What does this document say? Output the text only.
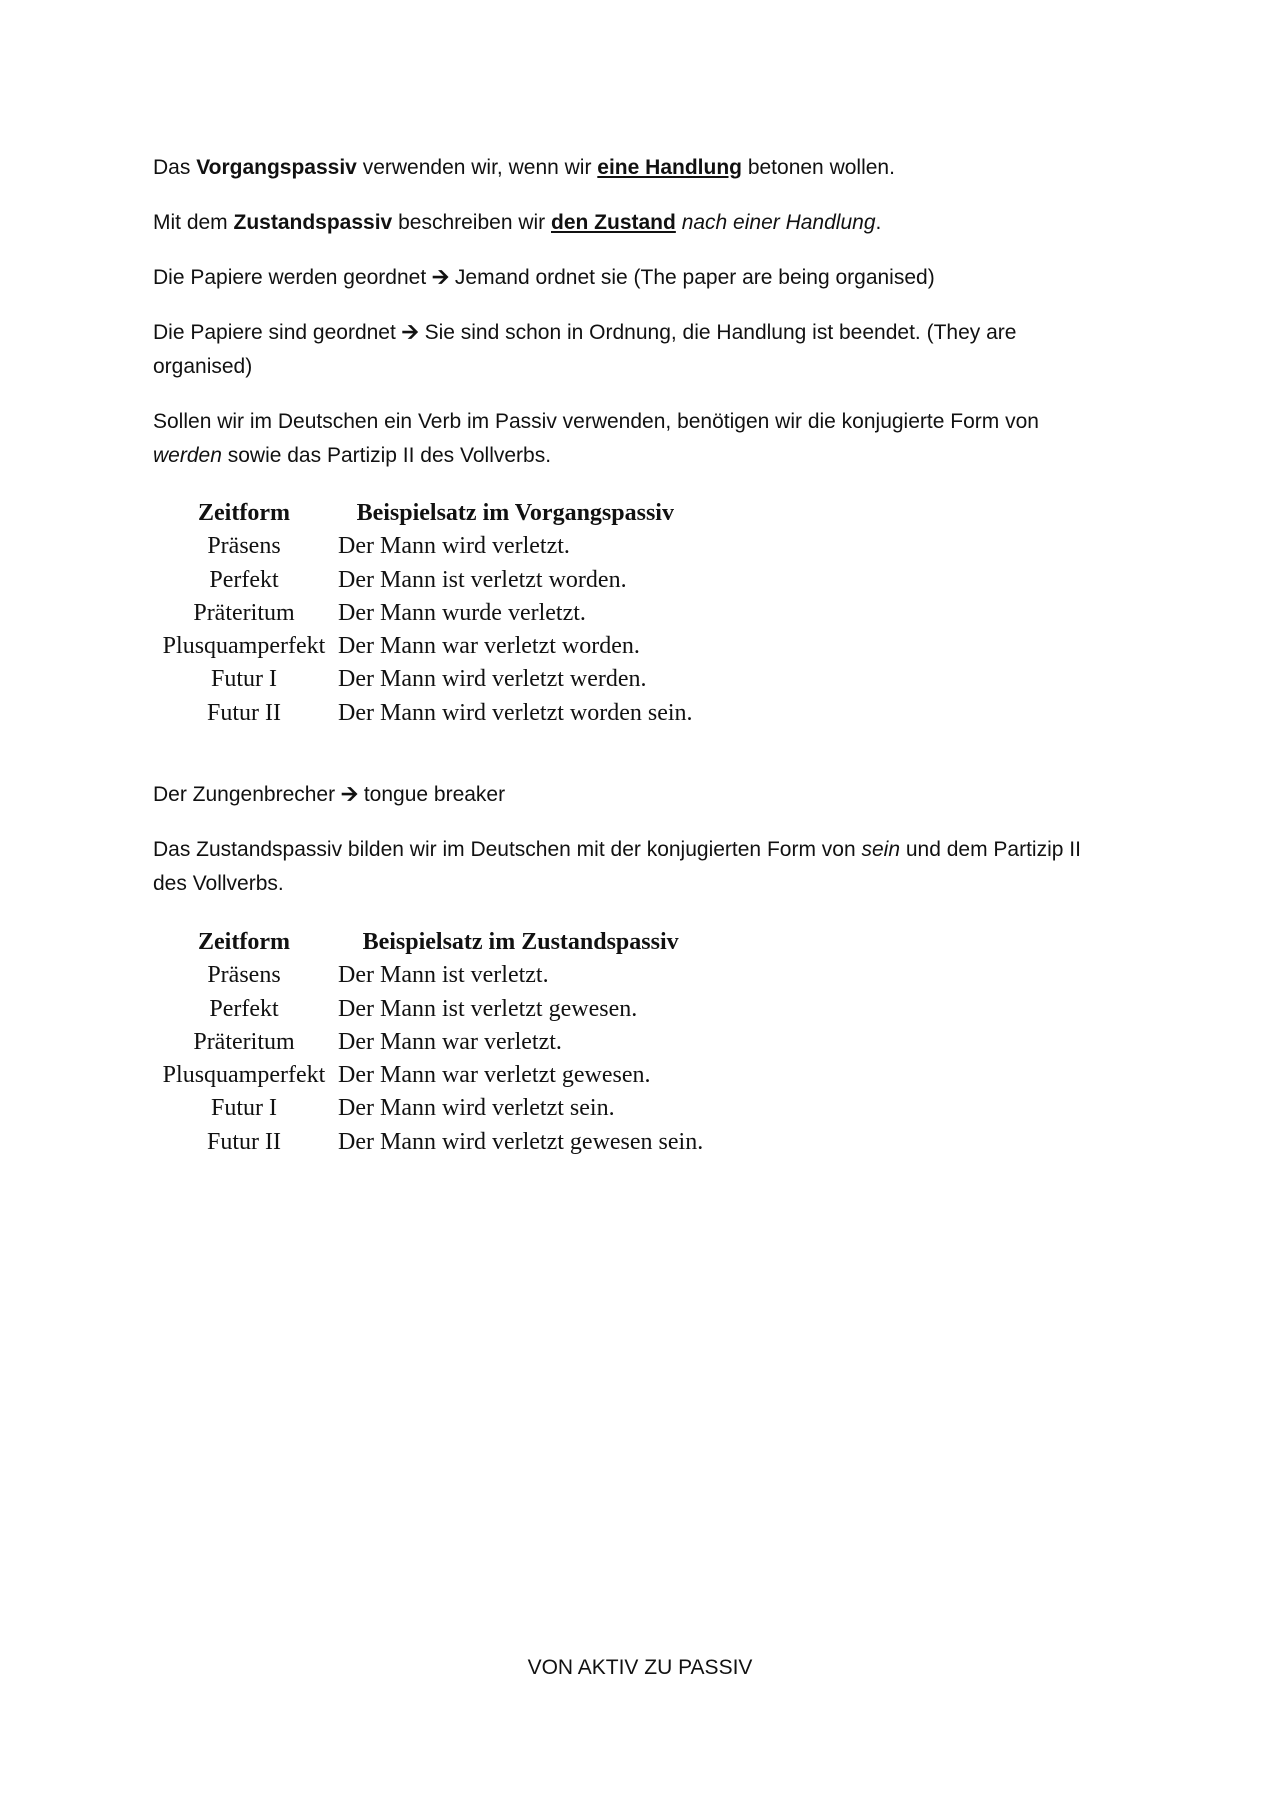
Das Vorgangspassiv verwenden wir, wenn wir eine Handlung betonen wollen.

Mit dem Zustandspassiv beschreiben wir den Zustand nach einer Handlung.

Die Papiere werden geordnet 🡪 Jemand ordnet sie (The paper are being organised)

Die Papiere sind geordnet 🡪 Sie sind schon in Ordnung, die Handlung ist beendet. (They are organised)

Sollen wir im Deutschen ein Verb im Passiv verwenden, benötigen wir die konjugierte Form von werden sowie das Partizip II des Vollverbs.

Zeitform	Beispielsatz im Vorgangspassiv
Präsens	Der Mann wird verletzt.
Perfekt	Der Mann ist verletzt worden.
Präteritum	Der Mann wurde verletzt.
Plusquamperfekt	Der Mann war verletzt worden.
Futur I	Der Mann wird verletzt werden.
Futur II	Der Mann wird verletzt worden sein.

Der Zungenbrecher 🡪 tongue breaker

Das Zustandspassiv bilden wir im Deutschen mit der konjugierten Form von sein und dem Partizip II des Vollverbs.

Zeitform	Beispielsatz im Zustandspassiv
Präsens	Der Mann ist verletzt.
Perfekt	Der Mann ist verletzt gewesen.
Präteritum	Der Mann war verletzt.
Plusquamperfekt	Der Mann war verletzt gewesen.
Futur I	Der Mann wird verletzt sein.
Futur II	Der Mann wird verletzt gewesen sein.
VON AKTIV ZU PASSIV
